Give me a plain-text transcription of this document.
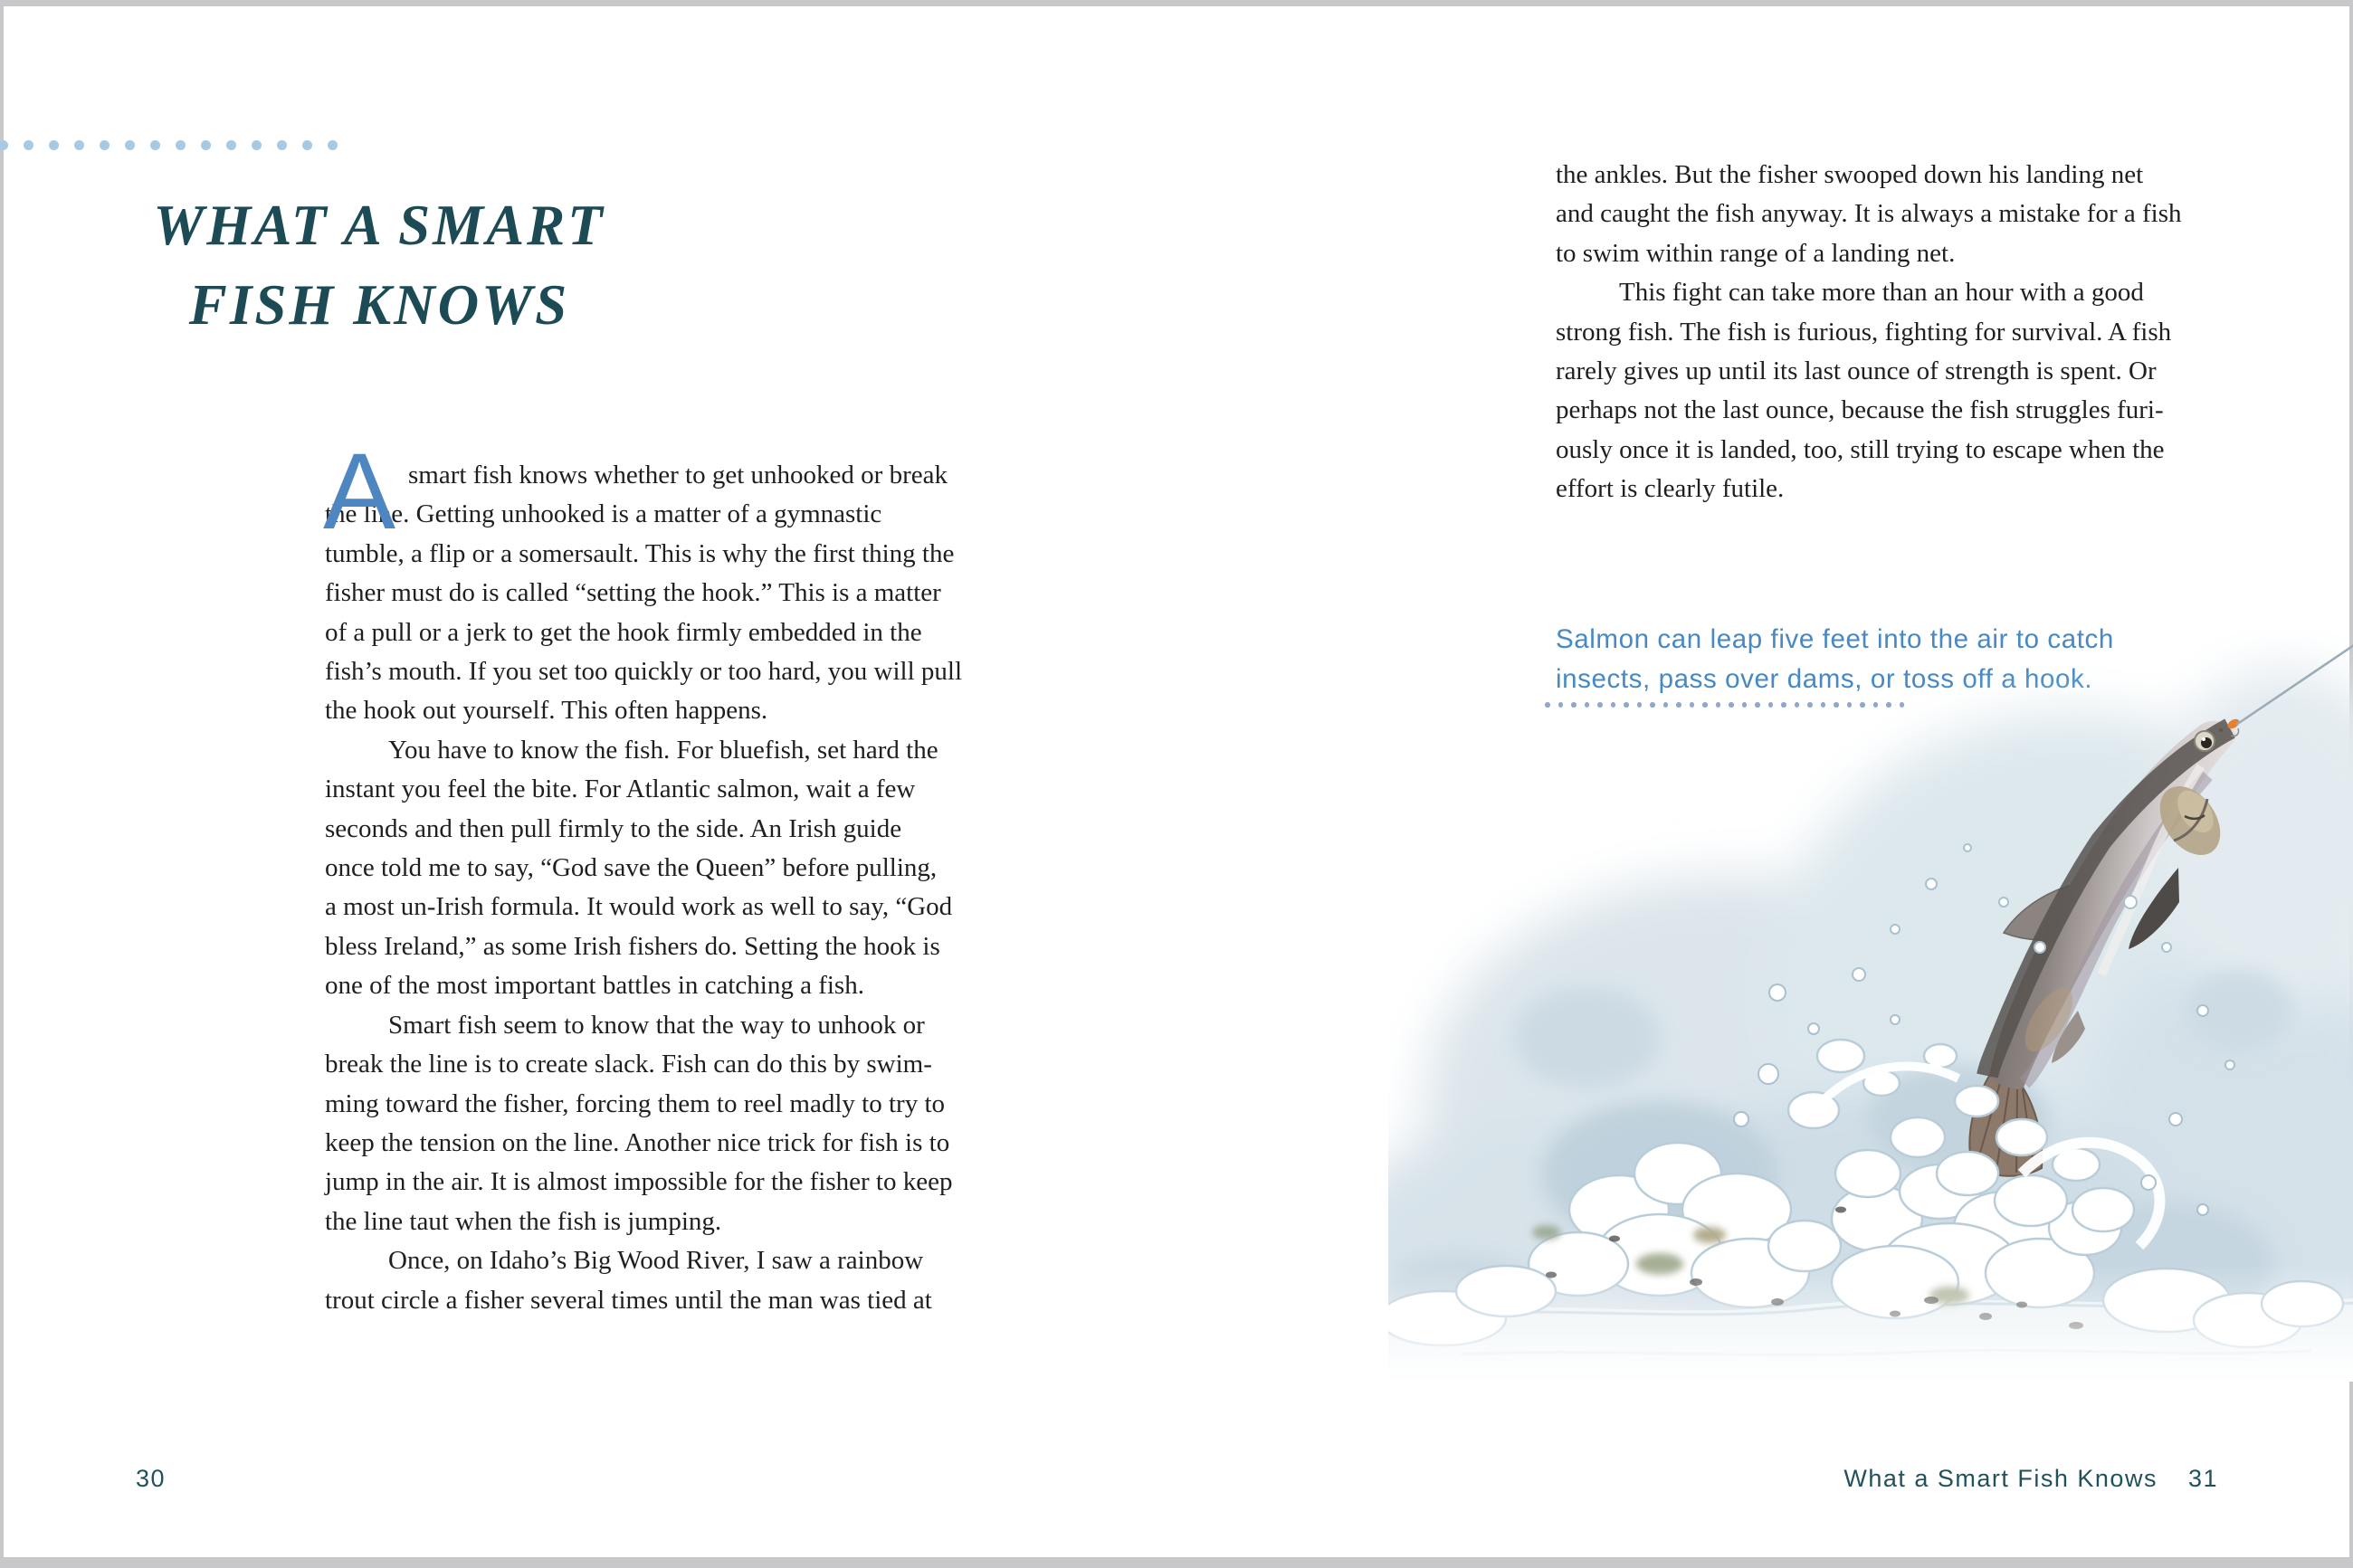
WHAT A SMART
FISH KNOWS
A smart fish knows whether to get unhooked or break
the line. Getting unhooked is a matter of a gymnastic
tumble, a flip or a somersault. This is why the first thing the
fisher must do is called “setting the hook.” This is a matter
of a pull or a jerk to get the hook firmly embedded in the
fish’s mouth. If you set too quickly or too hard, you will pull
the hook out yourself. This often happens.
You have to know the fish. For bluefish, set hard the
instant you feel the bite. For Atlantic salmon, wait a few
seconds and then pull firmly to the side. An Irish guide
once told me to say, “God save the Queen” before pulling,
a most un-Irish formula. It would work as well to say, “God
bless Ireland,” as some Irish fishers do. Setting the hook is
one of the most important battles in catching a fish.
Smart fish seem to know that the way to unhook or
break the line is to create slack. Fish can do this by swim-
ming toward the fisher, forcing them to reel madly to try to
keep the tension on the line. Another nice trick for fish is to
jump in the air. It is almost impossible for the fisher to keep
the line taut when the fish is jumping.
Once, on Idaho’s Big Wood River, I saw a rainbow
trout circle a fisher several times until the man was tied at
30
the ankles. But the fisher swooped down his landing net
and caught the fish anyway. It is always a mistake for a fish
to swim within range of a landing net.
This fight can take more than an hour with a good
strong fish. The fish is furious, fighting for survival. A fish
rarely gives up until its last ounce of strength is spent. Or
perhaps not the last ounce, because the fish struggles furi-
ously once it is landed, too, still trying to escape when the
effort is clearly futile.
Salmon can leap five feet into the air to catch
insects, pass over dams, or toss off a hook.
What a Smart Fish Knows 31
